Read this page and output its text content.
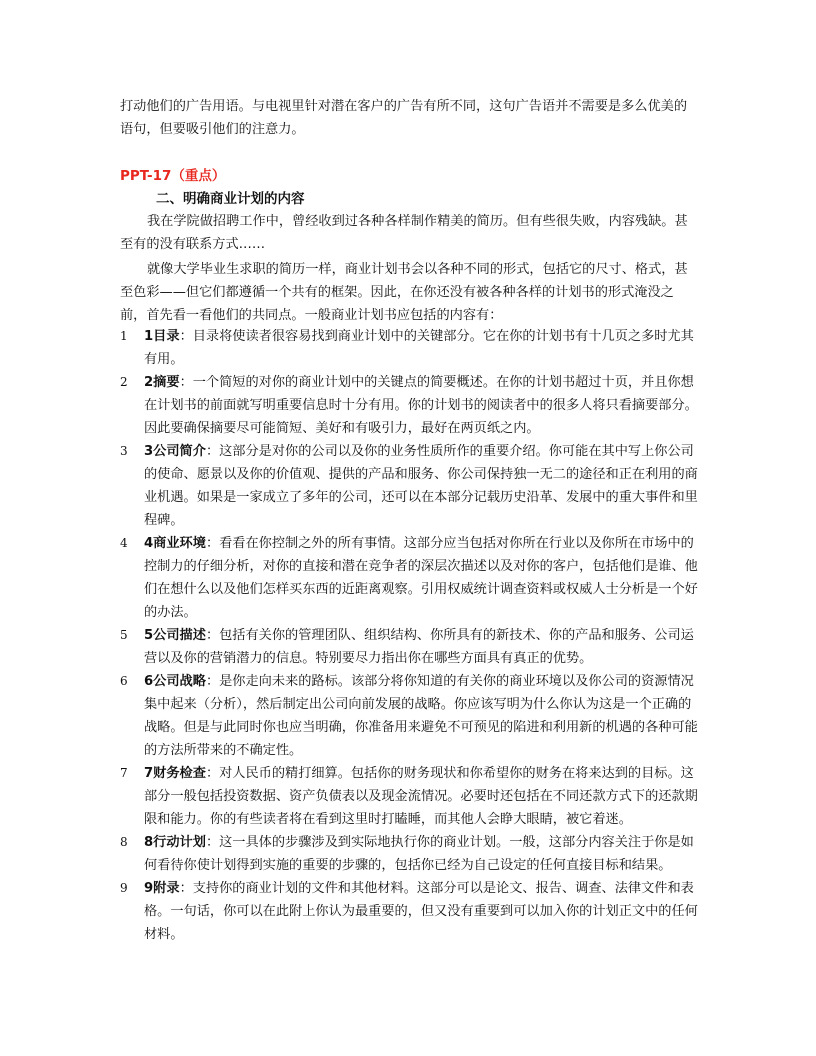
打动他们的广告用语。与电视里针对潜在客户的广告有所不同，这句广告语并不需要是多么优美的语句，但要吸引他们的注意力。
PPT-17（重点）
二、明确商业计划的内容
我在学院做招聘工作中，曾经收到过各种各样制作精美的简历。但有些很失败，内容残缺。甚至有的没有联系方式……
就像大学毕业生求职的简历一样，商业计划书会以各种不同的形式，包括它的尺寸、格式，甚至色彩——但它们都遵循一个共有的框架。因此，在你还没有被各种各样的计划书的形式淹没之前，首先看一看他们的共同点。一般商业计划书应包括的内容有：
1	1目录：目录将使读者很容易找到商业计划中的关键部分。它在你的计划书有十几页之多时尤其有用。
2	2摘要：一个简短的对你的商业计划中的关键点的简要概述。在你的计划书超过十页，并且你想在计划书的前面就写明重要信息时十分有用。你的计划书的阅读者中的很多人将只看摘要部分。因此要确保摘要尽可能简短、美好和有吸引力，最好在两页纸之内。
3	3公司简介：这部分是对你的公司以及你的业务性质所作的重要介绍。你可能在其中写上你公司的使命、愿景以及你的价值观、提供的产品和服务、你公司保持独一无二的途径和正在利用的商业机遇。如果是一家成立了多年的公司，还可以在本部分记载历史沿革、发展中的重大事件和里程碑。
4	4商业环境：看看在你控制之外的所有事情。这部分应当包括对你所在行业以及你所在市场中的控制力的仔细分析，对你的直接和潜在竞争者的深层次描述以及对你的客户，包括他们是谁、他们在想什么以及他们怎样买东西的近距离观察。引用权威统计调查资料或权威人士分析是一个好的办法。
5	5公司描述：包括有关你的管理团队、组织结构、你所具有的新技术、你的产品和服务、公司运营以及你的营销潜力的信息。特别要尽力指出你在哪些方面具有真正的优势。
6	6公司战略：是你走向未来的路标。该部分将你知道的有关你的商业环境以及你公司的资源情况集中起来（分析），然后制定出公司向前发展的战略。你应该写明为什么你认为这是一个正确的战略。但是与此同时你也应当明确，你准备用来避免不可预见的陷进和利用新的机遇的各种可能的方法所带来的不确定性。
7	7财务检查：对人民币的精打细算。包括你的财务现状和你希望你的财务在将来达到的目标。这部分一般包括投资数据、资产负债表以及现金流情况。必要时还包括在不同还款方式下的还款期限和能力。你的有些读者将在看到这里时打瞌睡，而其他人会睁大眼睛，被它着迷。
8	8行动计划：这一具体的步骤涉及到实际地执行你的商业计划。一般，这部分内容关注于你是如何看待你使计划得到实施的重要的步骤的，包括你已经为自己设定的任何直接目标和结果。
9	9附录：支持你的商业计划的文件和其他材料。这部分可以是论文、报告、调查、法律文件和表格。一句话，你可以在此附上你认为最重要的，但又没有重要到可以加入你的计划正文中的任何材料。
